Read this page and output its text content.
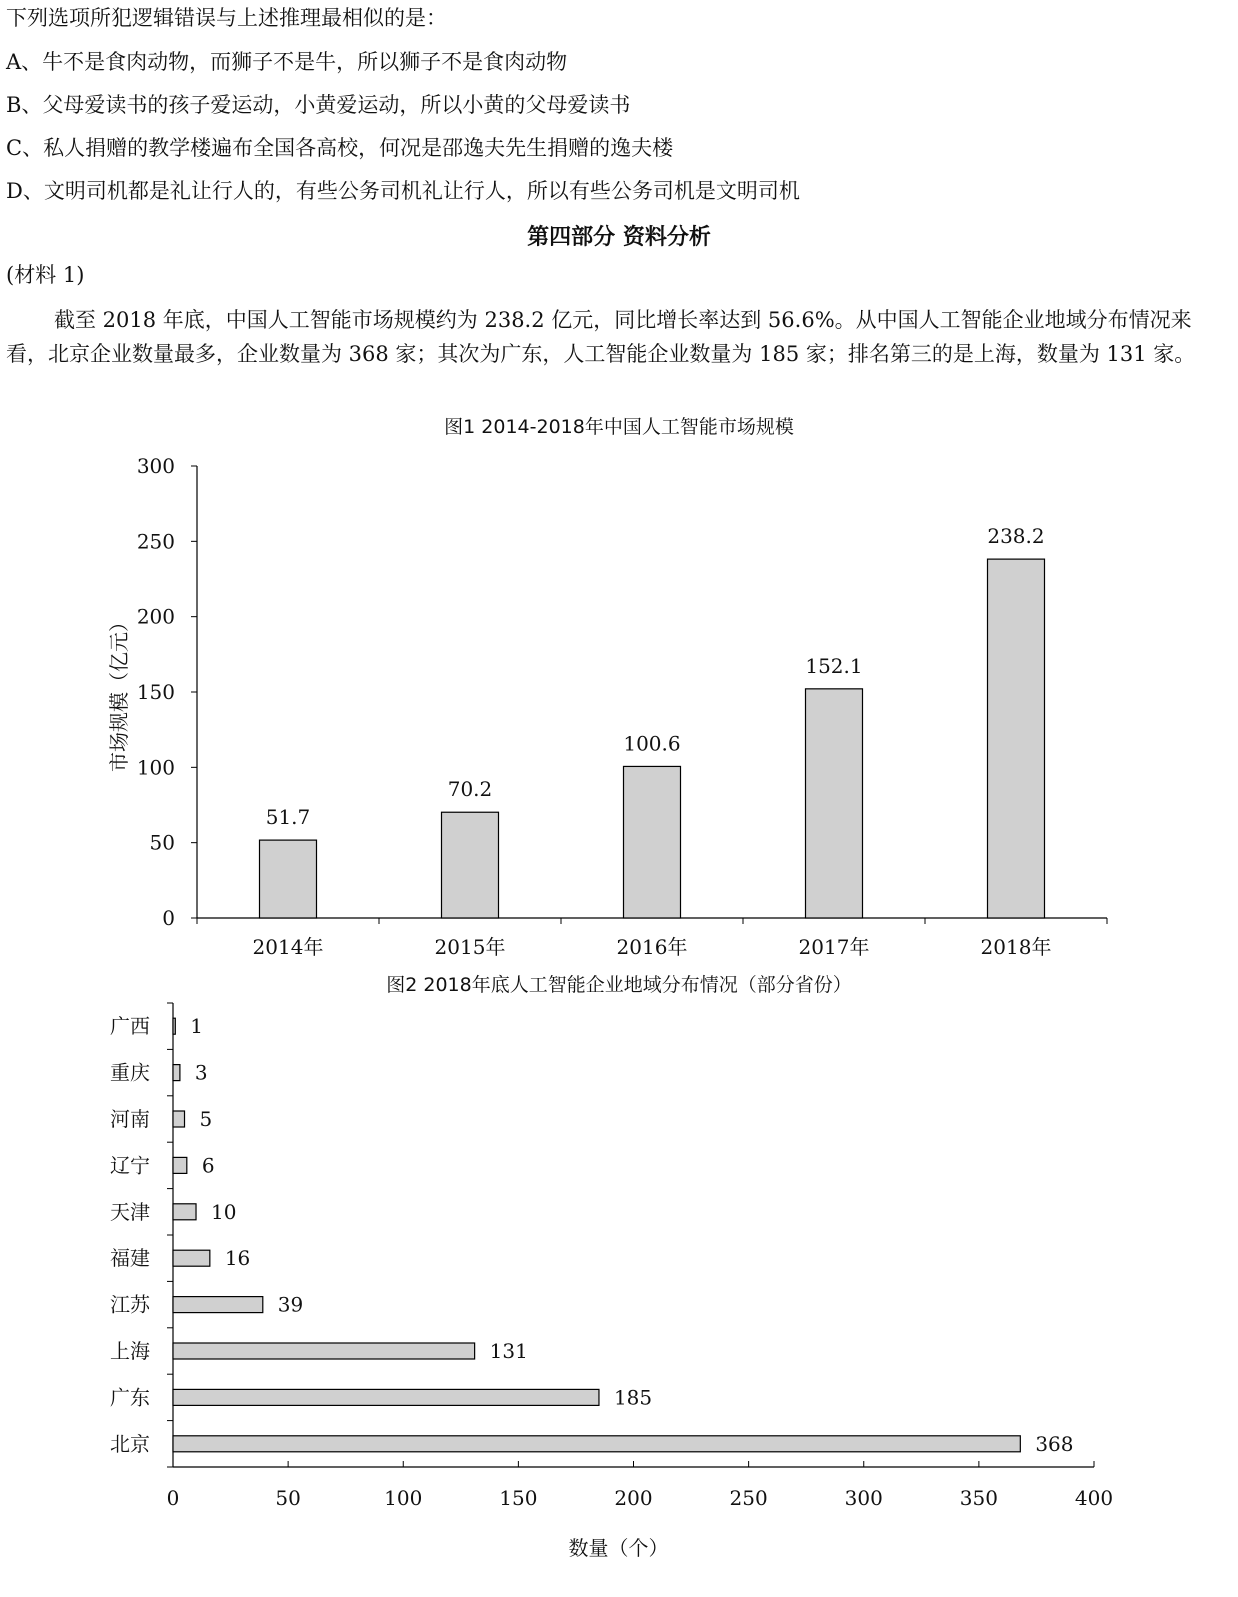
下列选项所犯逻辑错误与上述推理最相似的是：
A、牛不是食肉动物，而狮子不是牛，所以狮子不是食肉动物
B、父母爱读书的孩子爱运动，小黄爱运动，所以小黄的父母爱读书
C、私人捐赠的教学楼遍布全国各高校，何况是邵逸夫先生捐赠的逸夫楼
D、文明司机都是礼让行人的，有些公务司机礼让行人，所以有些公务司机是文明司机
第四部分 资料分析
(材料 1)

截至 2018 年底，中国人工智能市场规模约为 238.2 亿元，同比增长率达到 56.6%。从中国人工智能企业地域分布情况来看，北京企业数量最多，企业数量为 368 家；其次为广东，人工智能企业数量为 185 家；排名第三的是上海，数量为 131 家。

图1 2014-2018年中国人工智能市场规模
0
50
100
150
200
250
300
51.7
2014年
70.2
2015年
100.6
2016年
152.1
2017年
238.2
2018年
市场规模（亿元）
图2 2018年底人工智能企业地域分布情况（部分省份）
0	50	100	150	200	250	300	350	400
1
广西
3
重庆
5
河南
6
辽宁
10
天津
16
福建
39
江苏
131
上海
185
广东
368
北京
数量（个）
